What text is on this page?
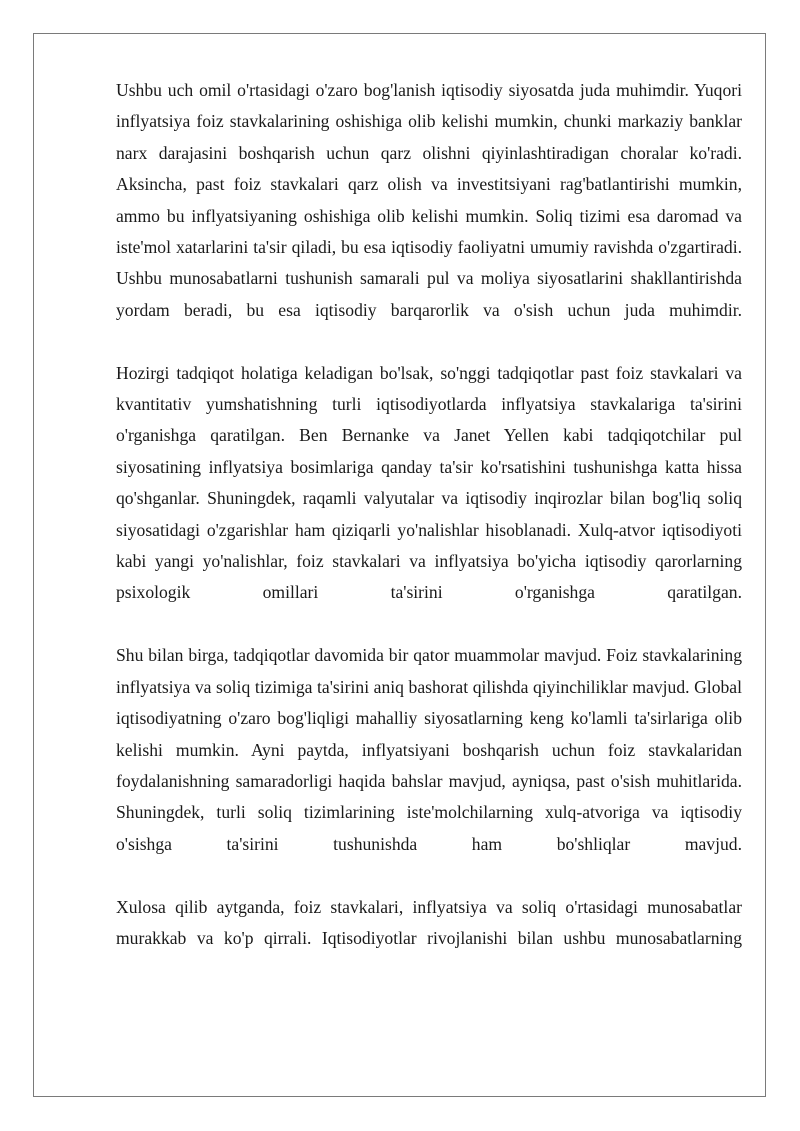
Ushbu uch omil o'rtasidagi o'zaro bog'lanish iqtisodiy siyosatda juda muhimdir. Yuqori inflyatsiya foiz stavkalarining oshishiga olib kelishi mumkin, chunki markaziy banklar narx darajasini boshqarish uchun qarz olishni qiyinlashtiradigan choralar ko'radi. Aksincha, past foiz stavkalari qarz olish va investitsiyani rag'batlantirishi mumkin, ammo bu inflyatsiyaning oshishiga olib kelishi mumkin. Soliq tizimi esa daromad va iste'mol xatarlarini ta'sir qiladi, bu esa iqtisodiy faoliyatni umumiy ravishda o'zgartiradi. Ushbu munosabatlarni tushunish samarali pul va moliya siyosatlarini shakllantirishda yordam beradi, bu esa iqtisodiy barqarorlik va o'sish uchun juda muhimdir.

Hozirgi tadqiqot holatiga keladigan bo'lsak, so'nggi tadqiqotlar past foiz stavkalari va kvantitativ yumshatishning turli iqtisodiyotlarda inflyatsiya stavkalariga ta'sirini o'rganishga qaratilgan. Ben Bernanke va Janet Yellen kabi tadqiqotchilar pul siyosatining inflyatsiya bosimlariga qanday ta'sir ko'rsatishini tushunishga katta hissa qo'shganlar. Shuningdek, raqamli valyutalar va iqtisodiy inqirozlar bilan bog'liq soliq siyosatidagi o'zgarishlar ham qiziqarli yo'nalishlar hisoblanadi. Xulq-atvor iqtisodiyoti kabi yangi yo'nalishlar, foiz stavkalari va inflyatsiya bo'yicha iqtisodiy qarorlarning psixologik omillari ta'sirini o'rganishga qaratilgan.

Shu bilan birga, tadqiqotlar davomida bir qator muammolar mavjud. Foiz stavkalarining inflyatsiya va soliq tizimiga ta'sirini aniq bashorat qilishda qiyinchiliklar mavjud. Global iqtisodiyatning o'zaro bog'liqligi mahalliy siyosatlarning keng ko'lamli ta'sirlariga olib kelishi mumkin. Ayni paytda, inflyatsiyani boshqarish uchun foiz stavkalaridan foydalanishning samaradorligi haqida bahslar mavjud, ayniqsa, past o'sish muhitlarida. Shuningdek, turli soliq tizimlarining iste'molchilarning xulq-atvoriga va iqtisodiy o'sishga ta'sirini tushunishda ham bo'shliqlar mavjud.

Xulosa qilib aytganda, foiz stavkalari, inflyatsiya va soliq o'rtasidagi munosabatlar murakkab va ko'p qirrali. Iqtisodiyotlar rivojlanishi bilan ushbu munosabatlarning
